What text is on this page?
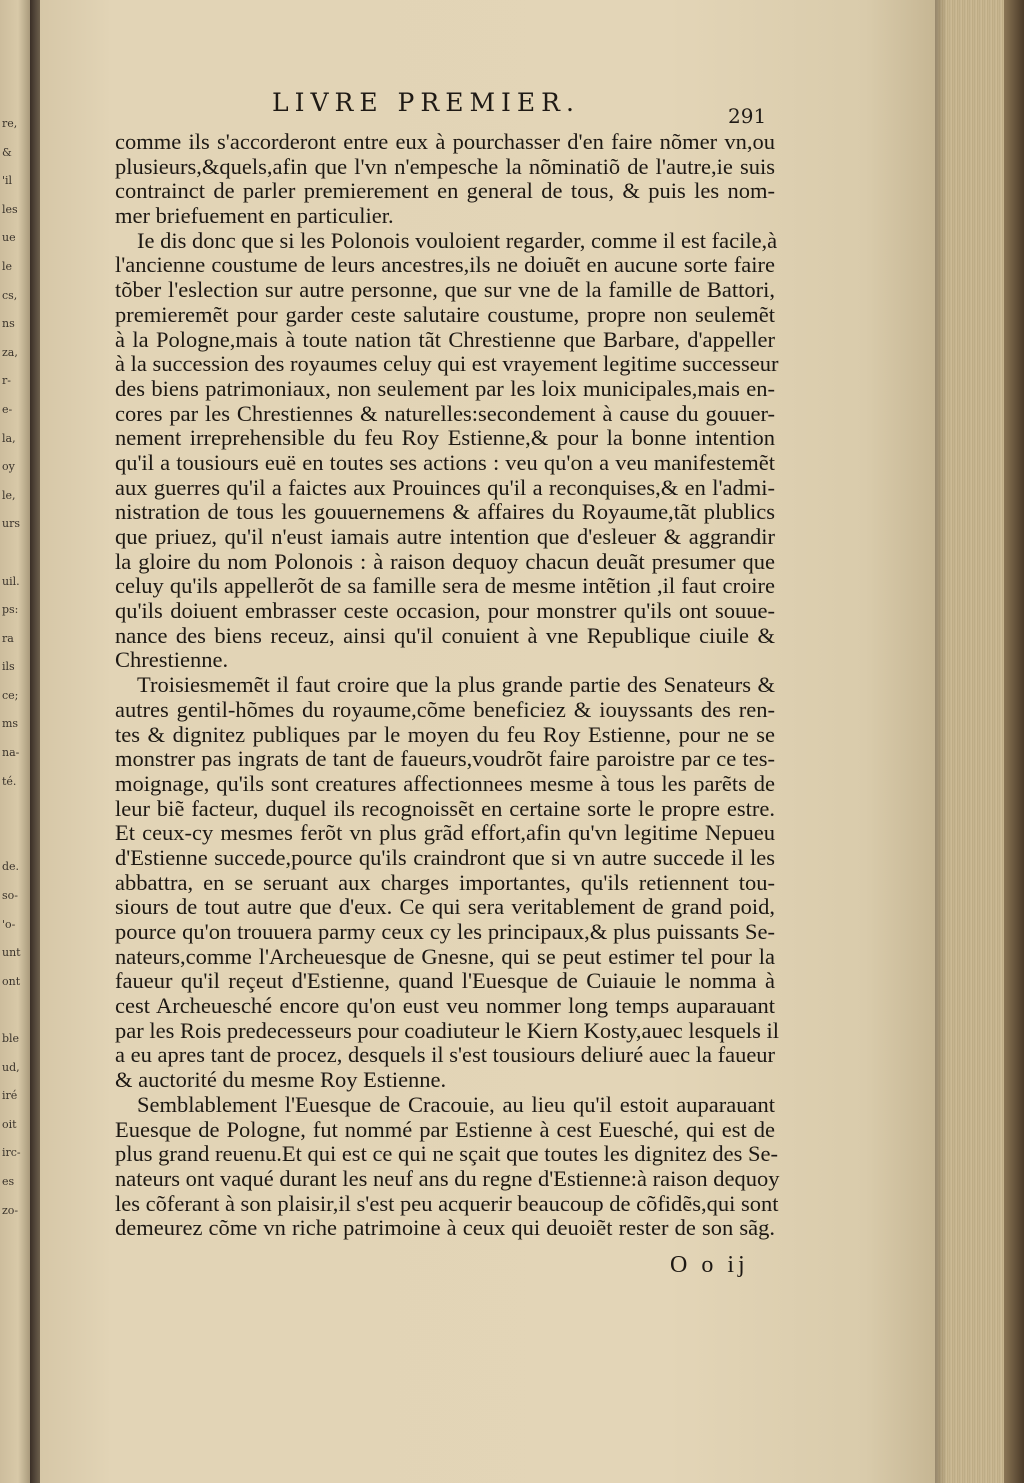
re,
&
'il
les
ue
le
cs,
ns
za,
r-
e-
la,
oy
le,
urs

uil.
ps:
ra
ils
ce;
ms
na-
té.

de.
so-
'o-
unt
ont

ble
ud,
iré
oit
irc-
es
zo-
LIVRE PREMIER.	291
comme ils s'accorderont entre eux à pourchasser d'en faire nõmer vn,ou
plusieurs,&quels,afin que l'vn n'empesche la nõminatiõ de l'autre,ie suis
contrainct de parler premierement en general de tous, & puis les nom-
mer briefuement en particulier.
Ie dis donc que si les Polonois vouloient regarder, comme il est facile,à
l'ancienne coustume de leurs ancestres,ils ne doiuẽt en aucune sorte faire
tõber l'eslection sur autre personne, que sur vne de la famille de Battori,
premieremẽt pour garder ceste salutaire coustume, propre non seulemẽt
à la Pologne,mais à toute nation tãt Chrestienne que Barbare, d'appeller
à la succession des royaumes celuy qui est vrayement legitime successeur
des biens patrimoniaux, non seulement par les loix municipales,mais en-
cores par les Chrestiennes & naturelles:secondement à cause du gouuer-
nement irreprehensible du feu Roy Estienne,& pour la bonne intention
qu'il a tousiours euë en toutes ses actions : veu qu'on a veu manifestemẽt
aux guerres qu'il a faictes aux Prouinces qu'il a reconquises,& en l'admi-
nistration de tous les gouuernemens & affaires du Royaume,tãt plublics
que priuez, qu'il n'eust iamais autre intention que d'esleuer & aggrandir
la gloire du nom Polonois : à raison dequoy chacun deuãt presumer que
celuy qu'ils appellerõt de sa famille sera de mesme intẽtion ,il faut croire
qu'ils doiuent embrasser ceste occasion, pour monstrer qu'ils ont souue-
nance des biens receuz, ainsi qu'il conuient à vne Republique ciuile &
Chrestienne.
Troisiesmemẽt il faut croire que la plus grande partie des Senateurs &
autres gentil-hõmes du royaume,cõme beneficiez & iouyssants des ren-
tes & dignitez publiques par le moyen du feu Roy Estienne, pour ne se
monstrer pas ingrats de tant de faueurs,voudrõt faire paroistre par ce tes-
moignage, qu'ils sont creatures affectionnees mesme à tous les parẽts de
leur biẽ facteur, duquel ils recognoissẽt en certaine sorte le propre estre.
Et ceux-cy mesmes ferõt vn plus grãd effort,afin qu'vn legitime Nepueu
d'Estienne succede,pource qu'ils craindront que si vn autre succede il les
abbattra, en se seruant aux charges importantes, qu'ils retiennent tou-
siours de tout autre que d'eux. Ce qui sera veritablement de grand poid,
pource qu'on trouuera parmy ceux cy les principaux,& plus puissants Se-
nateurs,comme l'Archeuesque de Gnesne, qui se peut estimer tel pour la
faueur qu'il reçeut d'Estienne, quand l'Euesque de Cuiauie le nomma à
cest Archeuesché encore qu'on eust veu nommer long temps auparauant
par les Rois predecesseurs pour coadiuteur le Kiern Kosty,auec lesquels il
a eu apres tant de procez, desquels il s'est tousiours deliuré auec la faueur
& auctorité du mesme Roy Estienne.
Semblablement l'Euesque de Cracouie, au lieu qu'il estoit auparauant
Euesque de Pologne, fut nommé par Estienne à cest Euesché, qui est de
plus grand reuenu.Et qui est ce qui ne sçait que toutes les dignitez des Se-
nateurs ont vaqué durant les neuf ans du regne d'Estienne:à raison dequoy
les cõferant à son plaisir,il s'est peu acquerir beaucoup de cõfidẽs,qui sont
demeurez cõme vn riche patrimoine à ceux qui deuoiẽt rester de son sãg.
O o ij
